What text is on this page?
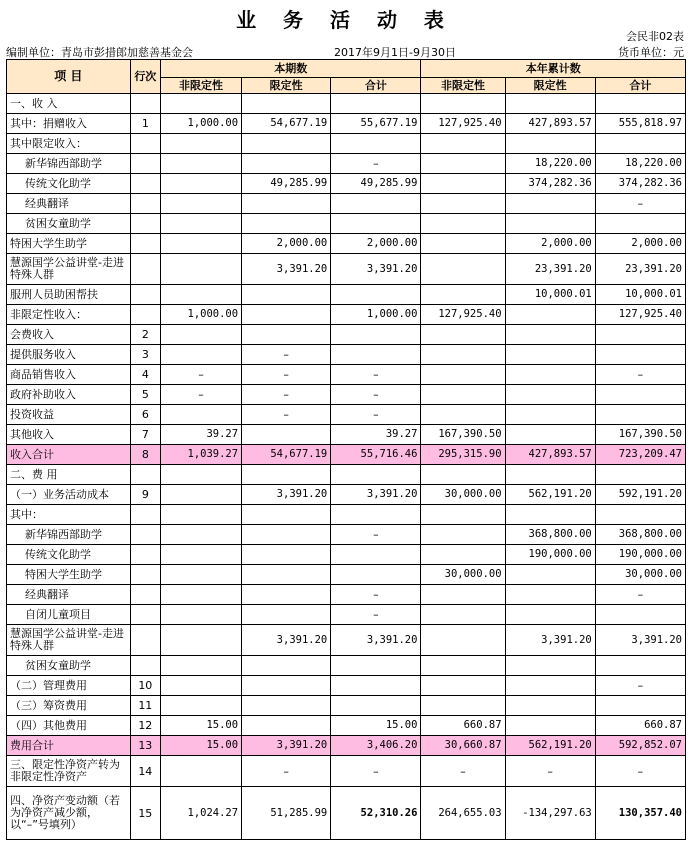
业 务 活 动 表
会民非02表
编制单位：青岛市彭措郎加慈善基金会	2017年9月1日-9月30日	货币单位：元
项 目	行次	本期数			本年累计数		
		非限定性	限定性	合计	非限定性	限定性	合计
一、收 入							
其中：捐赠收入	1	1,000.00	54,677.19	55,677.19	127,925.40	427,893.57	555,818.97
其中限定收入：							
新华锦西部助学				–		18,220.00	18,220.00
传统文化助学			49,285.99	49,285.99		374,282.36	374,282.36
经典翻译							–
贫困女童助学							
特困大学生助学			2,000.00	2,000.00		2,000.00	2,000.00
慧源国学公益讲堂-走进特殊人群			3,391.20	3,391.20		23,391.20	23,391.20
服刑人员助困帮扶						10,000.01	10,000.01
非限定性收入：		1,000.00		1,000.00	127,925.40		127,925.40
会费收入	2						
提供服务收入	3		–				
商品销售收入	4	–	–	–			–
政府补助收入	5	–	–	–			
投资收益	6		–	–			
其他收入	7	39.27		39.27	167,390.50		167,390.50
收入合计	8	1,039.27	54,677.19	55,716.46	295,315.90	427,893.57	723,209.47
二、费 用							
（一）业务活动成本	9		3,391.20	3,391.20	30,000.00	562,191.20	592,191.20
其中：							
新华锦西部助学				–		368,800.00	368,800.00
传统文化助学						190,000.00	190,000.00
特困大学生助学					30,000.00		30,000.00
经典翻译				–			–
自闭儿童项目				–			
慧源国学公益讲堂-走进特殊人群			3,391.20	3,391.20		3,391.20	3,391.20
贫困女童助学							
（二）管理费用	10						–
（三）筹资费用	11						
（四）其他费用	12	15.00		15.00	660.87		660.87
费用合计	13	15.00	3,391.20	3,406.20	30,660.87	562,191.20	592,852.07
三、限定性净资产转为非限定性净资产	14		–	–	–	–	–
四、净资产变动额（若为净资产减少额，以“–”号填列）	15	1,024.27	51,285.99	52,310.26	264,655.03	-134,297.63	130,357.40
